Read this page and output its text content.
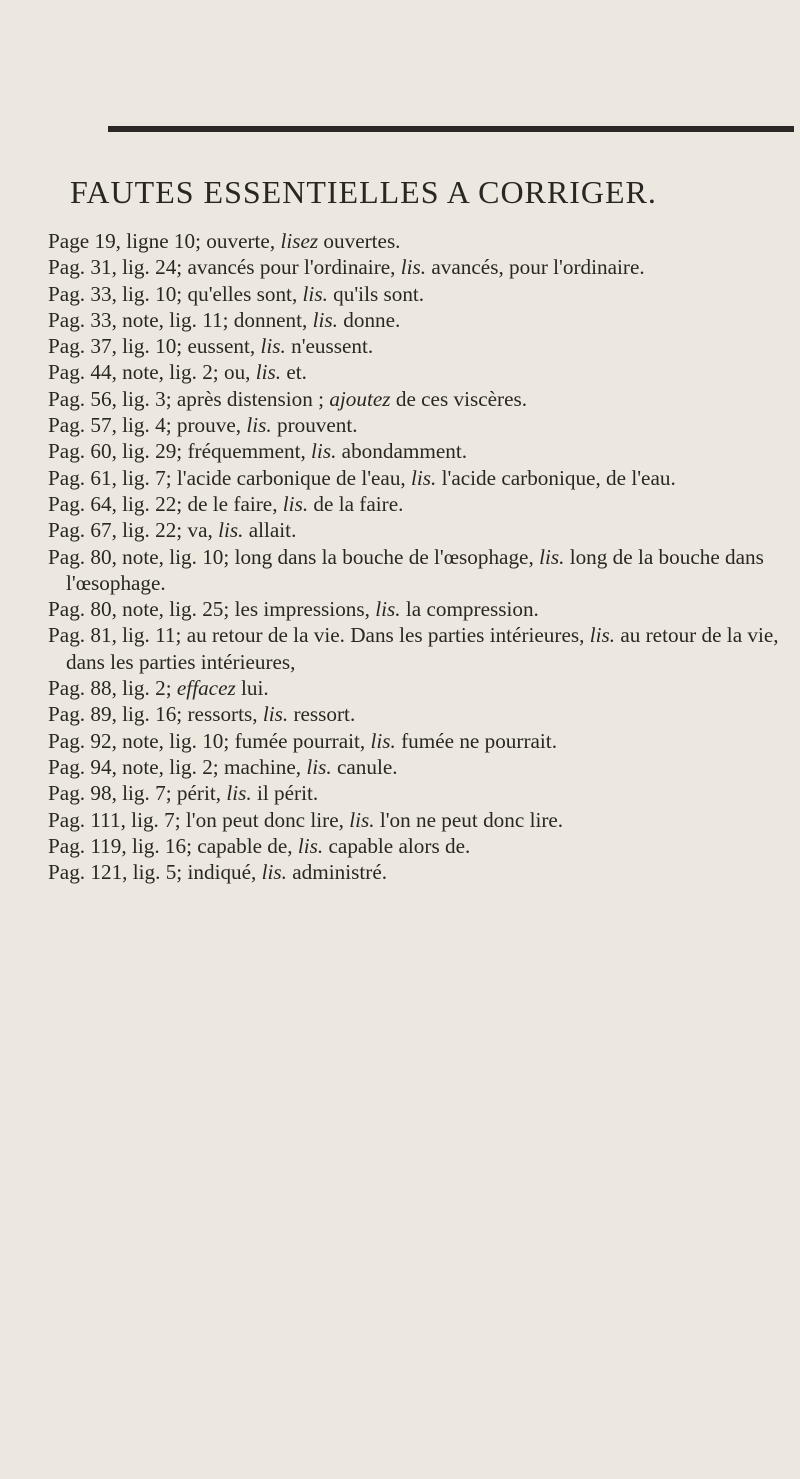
FAUTES ESSENTIELLES A CORRIGER.

Page 19, ligne 10; ouverte, lisez ouvertes.

Pag. 31, lig. 24; avancés pour l'ordinaire, lis. avancés, pour l'ordinaire.

Pag. 33, lig. 10; qu'elles sont, lis. qu'ils sont.

Pag. 33, note, lig. 11; donnent, lis. donne.

Pag. 37, lig. 10; eussent, lis. n'eussent.

Pag. 44, note, lig. 2; ou, lis. et.

Pag. 56, lig. 3; après distension ; ajoutez de ces viscères.

Pag. 57, lig. 4; prouve, lis. prouvent.

Pag. 60, lig. 29; fréquemment, lis. abondamment.

Pag. 61, lig. 7; l'acide carbonique de l'eau, lis. l'acide carbonique, de l'eau.

Pag. 64, lig. 22; de le faire, lis. de la faire.

Pag. 67, lig. 22; va, lis. allait.

Pag. 80, note, lig. 10; long dans la bouche de l'œsophage, lis. long de la bouche dans l'œsophage.

Pag. 80, note, lig. 25; les impressions, lis. la compression.

Pag. 81, lig. 11; au retour de la vie. Dans les parties intérieures, lis. au retour de la vie, dans les parties intérieures,

Pag. 88, lig. 2; effacez lui.

Pag. 89, lig. 16; ressorts, lis. ressort.

Pag. 92, note, lig. 10; fumée pourrait, lis. fumée ne pourrait.

Pag. 94, note, lig. 2; machine, lis. canule.

Pag. 98, lig. 7; périt, lis. il périt.

Pag. 111, lig. 7; l'on peut donc lire, lis. l'on ne peut donc lire.

Pag. 119, lig. 16; capable de, lis. capable alors de.

Pag. 121, lig. 5; indiqué, lis. administré.
